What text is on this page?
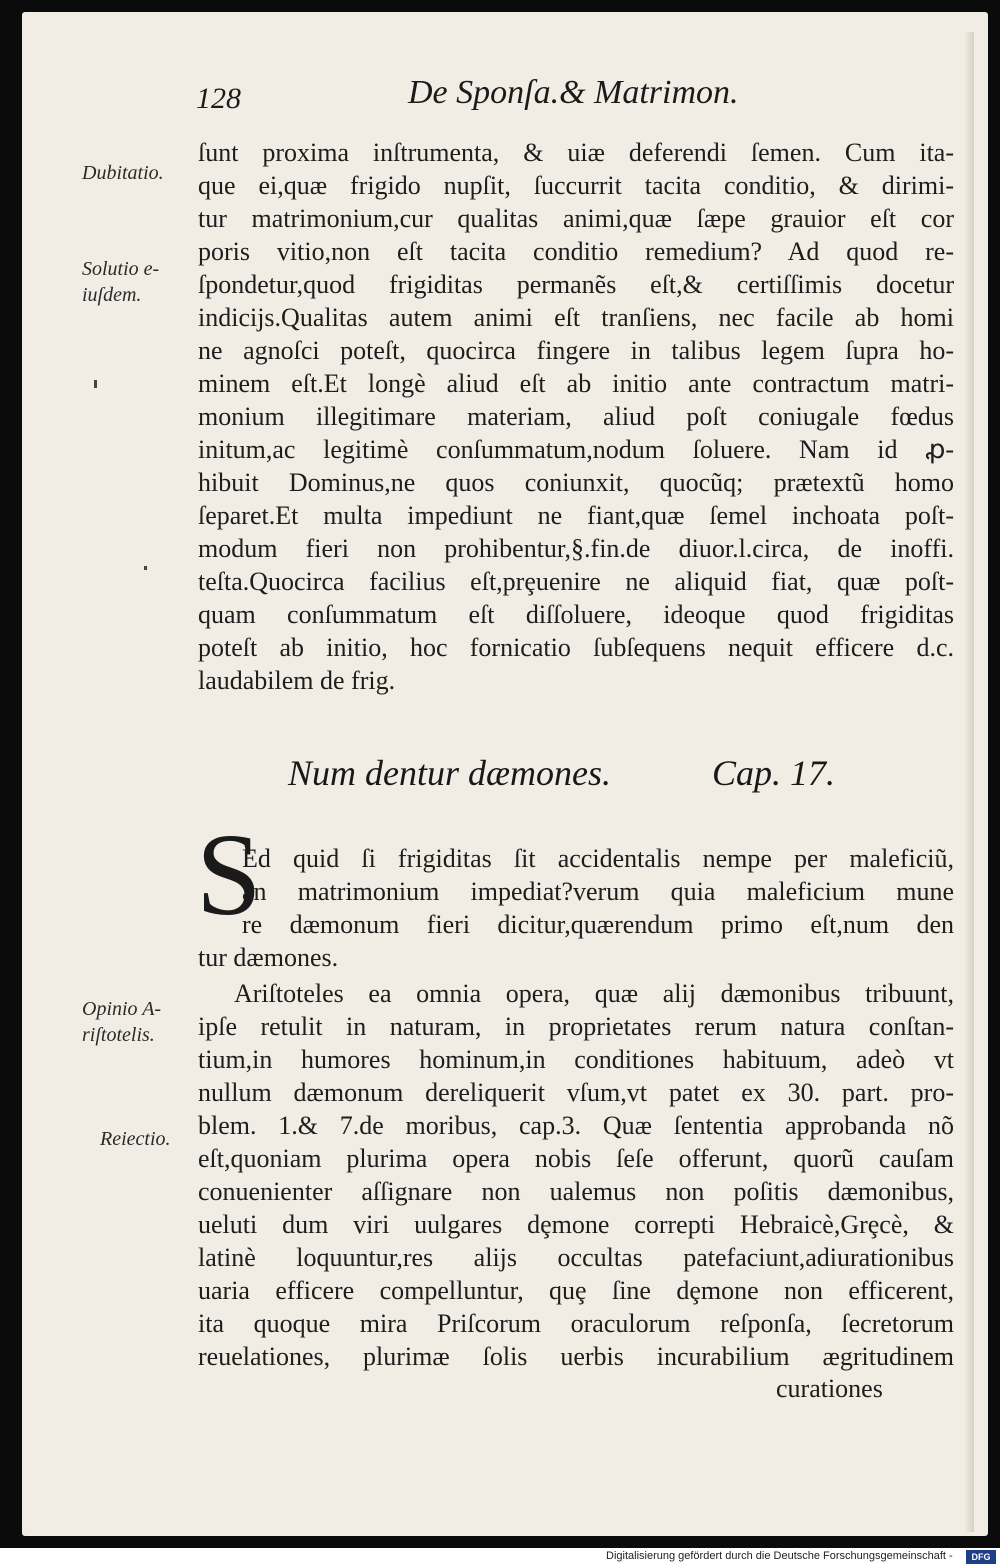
128	De Sponſa.& Matrimon.
Dubitatio.
Solutio e-
iuſdem.
Opinio A-
riſtotelis.
Reiectio.
ſunt proxima inſtrumenta, & uiæ deferendi ſemen. Cum ita-
que ei,quæ frigido nupſit, ſuccurrit tacita conditio, & dirimi-
tur matrimonium,cur qualitas animi,quæ ſæpe grauior eſt cor
poris vitio,non eſt tacita conditio remedium? Ad quod re-
ſpondetur,quod frigiditas permanẽs eſt,& certiſſimis docetur
indicijs.Qualitas autem animi eſt tranſiens, nec facile ab homi
ne agnoſci poteſt, quocirca fingere in talibus legem ſupra ho-
minem eſt.Et longè aliud eſt ab initio ante contractum matri-
monium illegitimare materiam, aliud poſt coniugale fœdus
initum,ac legitimè conſummatum,nodum ſoluere. Nam id ꝓ-
hibuit Dominus,ne quos coniunxit, quocũq; prætextũ homo
ſeparet.Et multa impediunt ne fiant,quæ ſemel inchoata poſt-
modum fieri non prohibentur,§.fin.de diuor.l.circa, de inoffi.
teſta.Quocirca facilius eſt,prȩuenire ne aliquid fiat, quæ poſt-
quam conſummatum eſt diſſoluere, ideoque quod frigiditas
poteſt ab initio, hoc fornicatio ſubſequens nequit efficere d.c.
laudabilem de frig.
Num dentur dæmones.	Cap. 17.
S
Ed quid ſi frigiditas ſit accidentalis nempe per maleficiũ,
an matrimonium impediat?verum quia maleficium mune
re dæmonum fieri dicitur,quærendum primo eſt,num den
tur dæmones.
Ariſtoteles ea omnia opera, quæ alij dæmonibus tribuunt,
ipſe retulit in naturam, in proprietates rerum natura conſtan-
tium,in humores hominum,in conditiones habituum, adeò vt
nullum dæmonum dereliquerit vſum,vt patet ex 30. part. pro-
blem. 1.& 7.de moribus, cap.3. Quæ ſententia approbanda nõ
eſt,quoniam plurima opera nobis ſeſe offerunt, quorũ cauſam
conuenienter aſſignare non ualemus non poſitis dæmonibus,
ueluti dum viri uulgares dȩmone correpti Hebraicè,Grȩcè, &
latinè loquuntur,res alijs occultas patefaciunt,adiurationibus
uaria efficere compelluntur, quȩ ſine dȩmone non efficerent,
ita quoque mira Priſcorum oraculorum reſponſa, ſecretorum
reuelationes, plurimæ ſolis uerbis incurabilium ægritudinem
curationes
Digitalisierung gefördert durch die Deutsche Forschungsgemeinschaft -	DFG
